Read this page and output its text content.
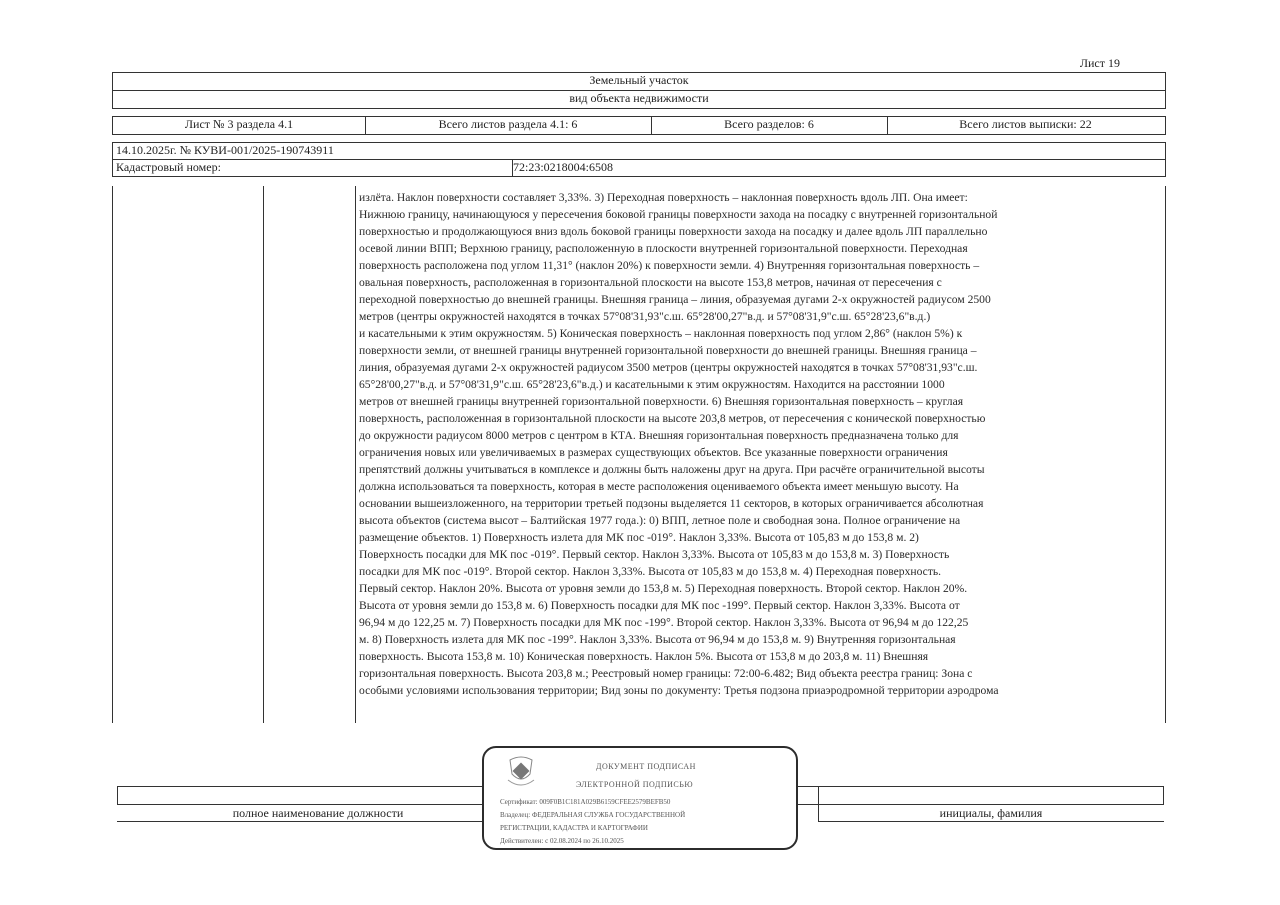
Лист 19
Земельный участок
вид объекта недвижимости
Лист № 3 раздела 4.1	Всего листов раздела 4.1: 6	Всего разделов: 6	Всего листов выписки: 22
14.10.2025г. № КУВИ-001/2025-190743911
Кадастровый номер:	72:23:0218004:6508
излёта. Наклон поверхности составляет 3,33%. 3) Переходная поверхность – наклонная поверхность вдоль ЛП. Она имеет:
Нижнюю границу, начинающуюся у пересечения боковой границы поверхности захода на посадку с внутренней горизонтальной
поверхностью и продолжающуюся вниз вдоль боковой границы поверхности захода на посадку и далее вдоль ЛП параллельно
осевой линии ВПП; Верхнюю границу, расположенную в плоскости внутренней горизонтальной поверхности. Переходная
поверхность расположена под углом 11,31° (наклон 20%) к поверхности земли. 4) Внутренняя горизонтальная поверхность –
овальная поверхность, расположенная в горизонтальной плоскости на высоте 153,8 метров, начиная от пересечения с
переходной поверхностью до внешней границы. Внешняя граница – линия, образуемая дугами 2-х окружностей радиусом 2500
метров (центры окружностей находятся в точках 57°08'31,93"с.ш. 65°28'00,27"в.д. и 57°08'31,9"с.ш. 65°28'23,6"в.д.)
и касательными к этим окружностям. 5) Коническая поверхность – наклонная поверхность под углом 2,86° (наклон 5%) к
поверхности земли, от внешней границы внутренней горизонтальной поверхности до внешней границы. Внешняя граница –
линия, образуемая дугами 2-х окружностей радиусом 3500 метров (центры окружностей находятся в точках 57°08'31,93"с.ш.
65°28'00,27"в.д. и 57°08'31,9"с.ш. 65°28'23,6"в.д.) и касательными к этим окружностям. Находится на расстоянии 1000
метров от внешней границы внутренней горизонтальной поверхности. 6) Внешняя горизонтальная поверхность – круглая
поверхность, расположенная в горизонтальной плоскости на высоте 203,8 метров, от пересечения с конической поверхностью
до окружности радиусом 8000 метров с центром в КТА. Внешняя горизонтальная поверхность предназначена только для
ограничения новых или увеличиваемых в размерах существующих объектов. Все указанные поверхности ограничения
препятствий должны учитываться в комплексе и должны быть наложены друг на друга. При расчёте ограничительной высоты
должна использоваться та поверхность, которая в месте расположения оцениваемого объекта имеет меньшую высоту. На
основании вышеизложенного, на территории третьей подзоны выделяется 11 секторов, в которых ограничивается абсолютная
высота объектов (система высот – Балтийская 1977 года.): 0) ВПП, летное поле и свободная зона. Полное ограничение на
размещение объектов. 1) Поверхность излета для МК пос -019°. Наклон 3,33%. Высота от 105,83 м до 153,8 м. 2)
Поверхность посадки для МК пос -019°. Первый сектор. Наклон 3,33%. Высота от 105,83 м до 153,8 м. 3) Поверхность
посадки для МК пос -019°. Второй сектор. Наклон 3,33%. Высота от 105,83 м до 153,8 м. 4) Переходная поверхность.
Первый сектор. Наклон 20%. Высота от уровня земли до 153,8 м. 5) Переходная поверхность. Второй сектор. Наклон 20%.
Высота от уровня земли до 153,8 м. 6) Поверхность посадки для МК пос -199°. Первый сектор. Наклон 3,33%. Высота от
96,94 м до 122,25 м. 7) Поверхность посадки для МК пос -199°. Второй сектор. Наклон 3,33%. Высота от 96,94 м до 122,25
м. 8) Поверхность излета для МК пос -199°. Наклон 3,33%. Высота от 96,94 м до 153,8 м. 9) Внутренняя горизонтальная
поверхность. Высота 153,8 м. 10) Коническая поверхность. Наклон 5%. Высота от 153,8 м до 203,8 м. 11) Внешняя
горизонтальная поверхность. Высота 203,8 м.; Реестровый номер границы: 72:00-6.482; Вид объекта реестра границ: Зона с
особыми условиями использования территории; Вид зоны по документу: Третья подзона приаэродромной территории аэродрома
полное наименование должности	инициалы, фамилия
ДОКУМЕНТ ПОДПИСАН
ЭЛЕКТРОННОЙ ПОДПИСЬЮ
Сертификат: 009F0B1C181A029B6159CFEE2579BEFB50
Владелец: ФЕДЕРАЛЬНАЯ СЛУЖБА ГОСУДАРСТВЕННОЙ
РЕГИСТРАЦИИ, КАДАСТРА И КАРТОГРАФИИ
Действителен: с 02.08.2024 по 26.10.2025
